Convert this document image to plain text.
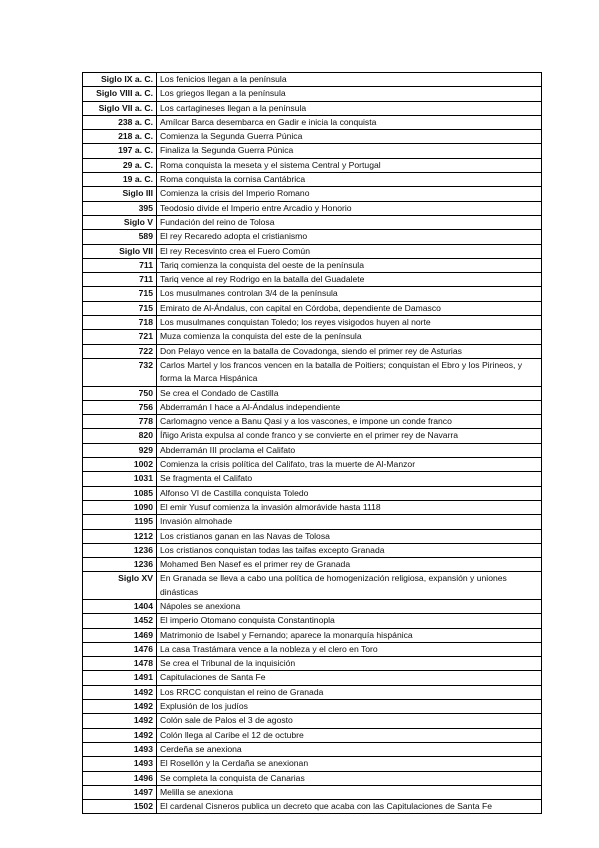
Siglo IX a. C.	Los fenicios llegan a la península
Siglo VIII a. C.	Los griegos llegan a la península
Siglo VII a. C.	Los cartagineses llegan a la península
238 a. C.	Amílcar Barca desembarca en Gadir e inicia la conquista
218 a. C.	Comienza la Segunda Guerra Púnica
197 a. C.	Finaliza la Segunda Guerra Púnica
29 a. C.	Roma conquista la meseta y el sistema Central y Portugal
19 a. C.	Roma conquista la cornisa Cantábrica
Siglo III	Comienza la crisis del Imperio Romano
395	Teodosio divide el Imperio entre Arcadio y Honorio
Siglo V	Fundación del reino de Tolosa
589	El rey Recaredo adopta el cristianismo
Siglo VII	El rey Recesvinto crea el Fuero Común
711	Tariq comienza la conquista del oeste de la península
711	Tariq vence al rey Rodrigo en la batalla del Guadalete
715	Los musulmanes controlan 3/4 de la península
715	Emirato de Al-Ándalus, con capital en Córdoba, dependiente de Damasco
718	Los musulmanes conquistan Toledo; los reyes visigodos huyen al norte
721	Muza comienza la conquista del este de la península
722	Don Pelayo vence en la batalla de Covadonga, siendo el primer rey de Asturias
732	Carlos Martel y los francos vencen en la batalla de Poitiers; conquistan el Ebro y los Pirineos, y forma la Marca Hispánica
750	Se crea el Condado de Castilla
756	Abderramán I hace a Al-Ándalus independiente
778	Carlomagno vence a Banu Qasi y a los vascones, e impone un conde franco
820	Íñigo Arista expulsa al conde franco y se convierte en el primer rey de Navarra
929	Abderramán III proclama el Califato
1002	Comienza la crisis política del Califato, tras la muerte de Al-Manzor
1031	Se fragmenta el Califato
1085	Alfonso VI de Castilla conquista Toledo
1090	El emir Yusuf comienza la invasión almorávide hasta 1118
1195	Invasión almohade
1212	Los cristianos ganan en las Navas de Tolosa
1236	Los cristianos conquistan todas las taifas excepto Granada
1236	Mohamed Ben Nasef es el primer rey de Granada
Siglo XV	En Granada se lleva a cabo una política de homogenización religiosa, expansión y uniones dinásticas
1404	Nápoles se anexiona
1452	El imperio Otomano conquista Constantinopla
1469	Matrimonio de Isabel y Fernando; aparece la monarquía hispánica
1476	La casa Trastámara vence a la nobleza y el clero en Toro
1478	Se crea el Tribunal de la inquisición
1491	Capitulaciones de Santa Fe
1492	Los RRCC conquistan el reino de Granada
1492	Explusión de los judíos
1492	Colón sale de Palos el 3 de agosto
1492	Colón llega al Caribe el 12 de octubre
1493	Cerdeña se anexiona
1493	El Rosellón y la Cerdaña se anexionan
1496	Se completa la conquista de Canarias
1497	Melilla se anexiona
1502	El cardenal Cisneros publica un decreto que acaba con las Capitulaciones de Santa Fe
